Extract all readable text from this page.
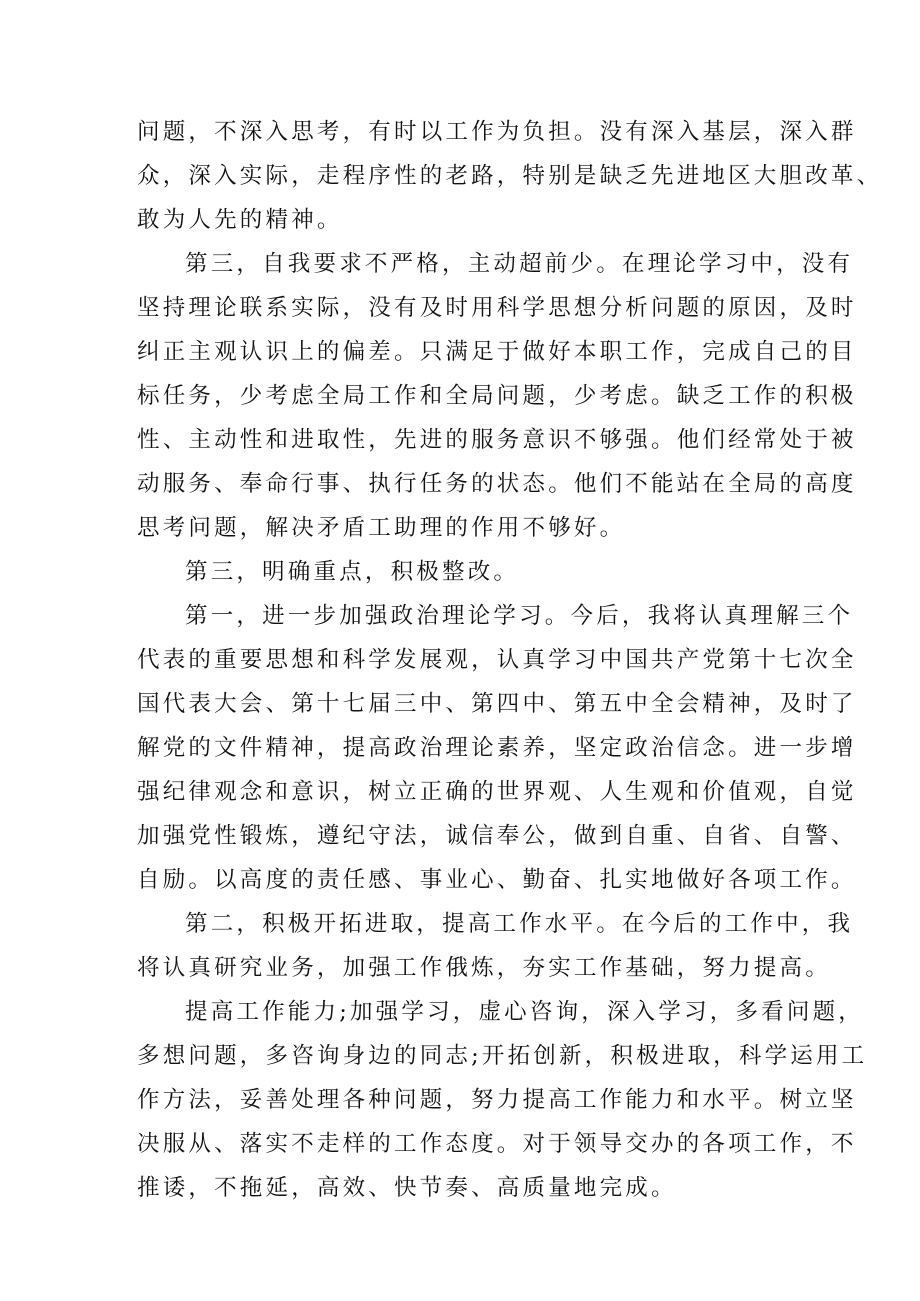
问题，不深入思考，有时以工作为负担。没有深入基层，深入群
众，深入实际，走程序性的老路，特别是缺乏先进地区大胆改革、
敢为人先的精神。

第三，自我要求不严格，主动超前少。在理论学习中，没有
坚持理论联系实际，没有及时用科学思想分析问题的原因，及时
纠正主观认识上的偏差。只满足于做好本职工作，完成自己的目
标任务，少考虑全局工作和全局问题，少考虑。缺乏工作的积极
性、主动性和进取性，先进的服务意识不够强。他们经常处于被
动服务、奉命行事、执行任务的状态。他们不能站在全局的高度
思考问题，解决矛盾工助理的作用不够好。

第三，明确重点，积极整改。

第一，进一步加强政治理论学习。今后，我将认真理解三个
代表的重要思想和科学发展观，认真学习中国共产党第十七次全
国代表大会、第十七届三中、第四中、第五中全会精神，及时了
解党的文件精神，提高政治理论素养，坚定政治信念。进一步增
强纪律观念和意识，树立正确的世界观、人生观和价值观，自觉
加强党性锻炼，遵纪守法，诚信奉公，做到自重、自省、自警、
自励。以高度的责任感、事业心、勤奋、扎实地做好各项工作。

第二，积极开拓进取，提高工作水平。在今后的工作中，我
将认真研究业务，加强工作俄炼，夯实工作基础，努力提高。

提高工作能力;加强学习，虚心咨询，深入学习，多看问题，
多想问题，多咨询身边的同志;开拓创新，积极进取，科学运用工
作方法，妥善处理各种问题，努力提高工作能力和水平。树立坚
决服从、落实不走样的工作态度。对于领导交办的各项工作，不
推诿，不拖延，高效、快节奏、高质量地完成。
